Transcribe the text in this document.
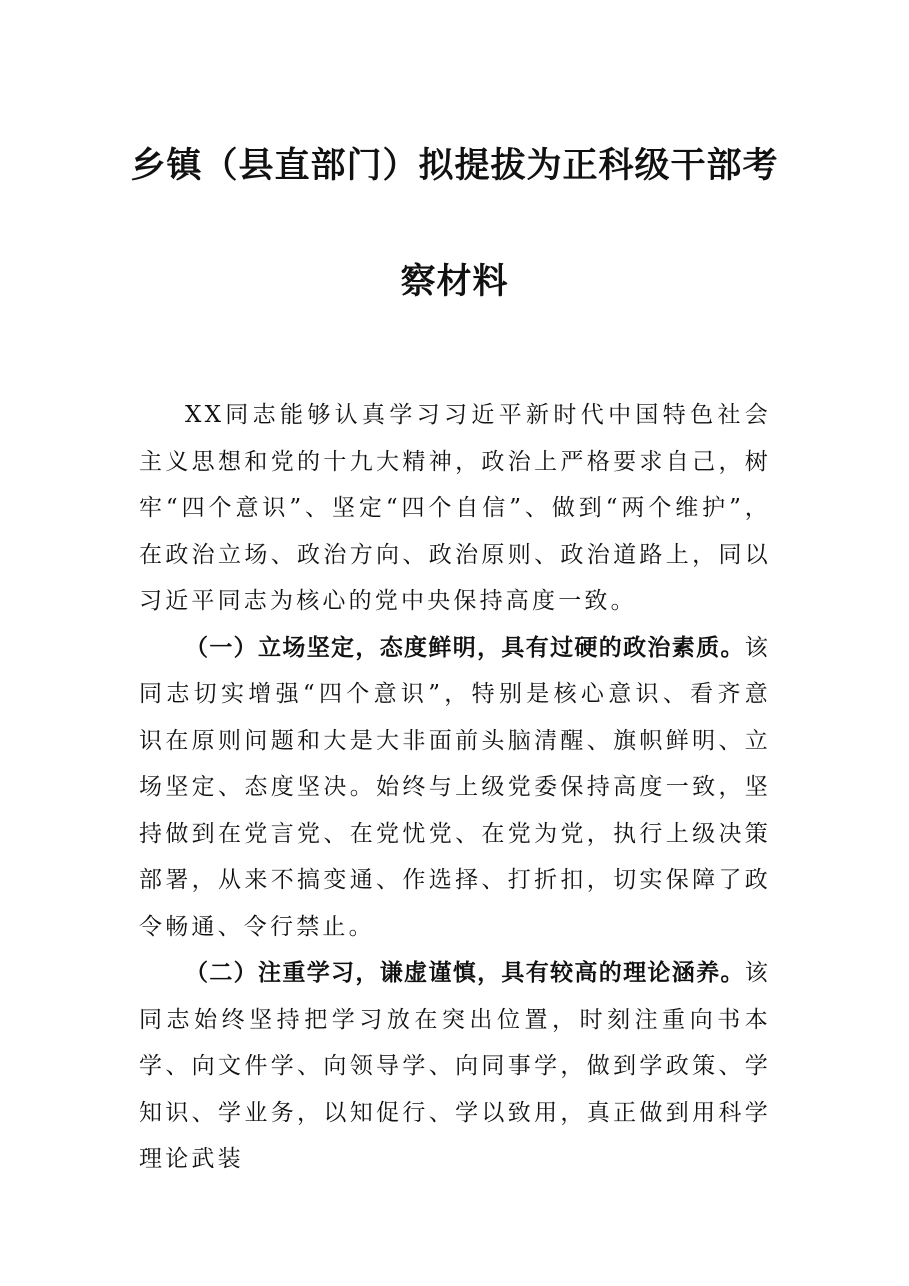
乡镇（县直部门）拟提拔为正科级干部考
察材料

XX同志能够认真学习习近平新时代中国特色社会主义思想和党的十九大精神，政治上严格要求自己，树牢“四个意识”、坚定“四个自信”、做到“两个维护”，在政治立场、政治方向、政治原则、政治道路上，同以习近平同志为核心的党中央保持高度一致。

（一）立场坚定，态度鲜明，具有过硬的政治素质。该同志切实增强“四个意识”，特别是核心意识、看齐意识在原则问题和大是大非面前头脑清醒、旗帜鲜明、立场坚定、态度坚决。始终与上级党委保持高度一致，坚持做到在党言党、在党忧党、在党为党，执行上级决策部署，从来不搞变通、作选择、打折扣，切实保障了政令畅通、令行禁止。

（二）注重学习，谦虚谨慎，具有较高的理论涵养。该同志始终坚持把学习放在突出位置，时刻注重向书本学、向文件学、向领导学、向同事学，做到学政策、学知识、学业务，以知促行、学以致用，真正做到用科学理论武装
